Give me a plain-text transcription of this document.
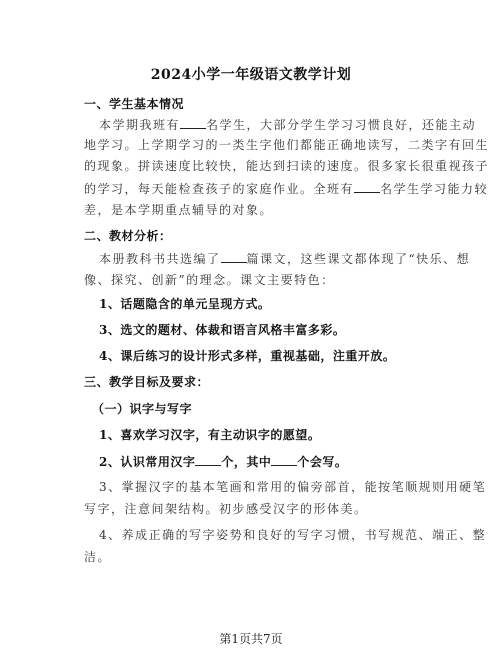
2024小学一年级语文教学计划
一、学生基本情况
本学期我班有 名学生，大部分学生学习习惯良好，还能主动
地学习。上学期学习的一类生字他们都能正确地读写，二类字有回生
的现象。拼读速度比较快，能达到扫读的速度。很多家长很重视孩子
的学习，每天能检查孩子的家庭作业。全班有 名学生学习能力较
差，是本学期重点辅导的对象。
二、教材分析：
本册教科书共选编了 篇课文，这些课文都体现了“快乐、想
像、探究、创新”的理念。课文主要特色：
1、话题隐含的单元呈现方式。
3、选文的题材、体裁和语言风格丰富多彩。
4、课后练习的设计形式多样，重视基础，注重开放。
三、教学目标及要求：
（一）识字与写字
1、喜欢学习汉字，有主动识字的愿望。
2、认识常用汉字 个，其中 个会写。
3、掌握汉字的基本笔画和常用的偏旁部首，能按笔顺规则用硬笔
写字，注意间架结构。初步感受汉字的形体美。
4、养成正确的写字姿势和良好的写字习惯，书写规范、端正、整
洁。
第1页共7页
